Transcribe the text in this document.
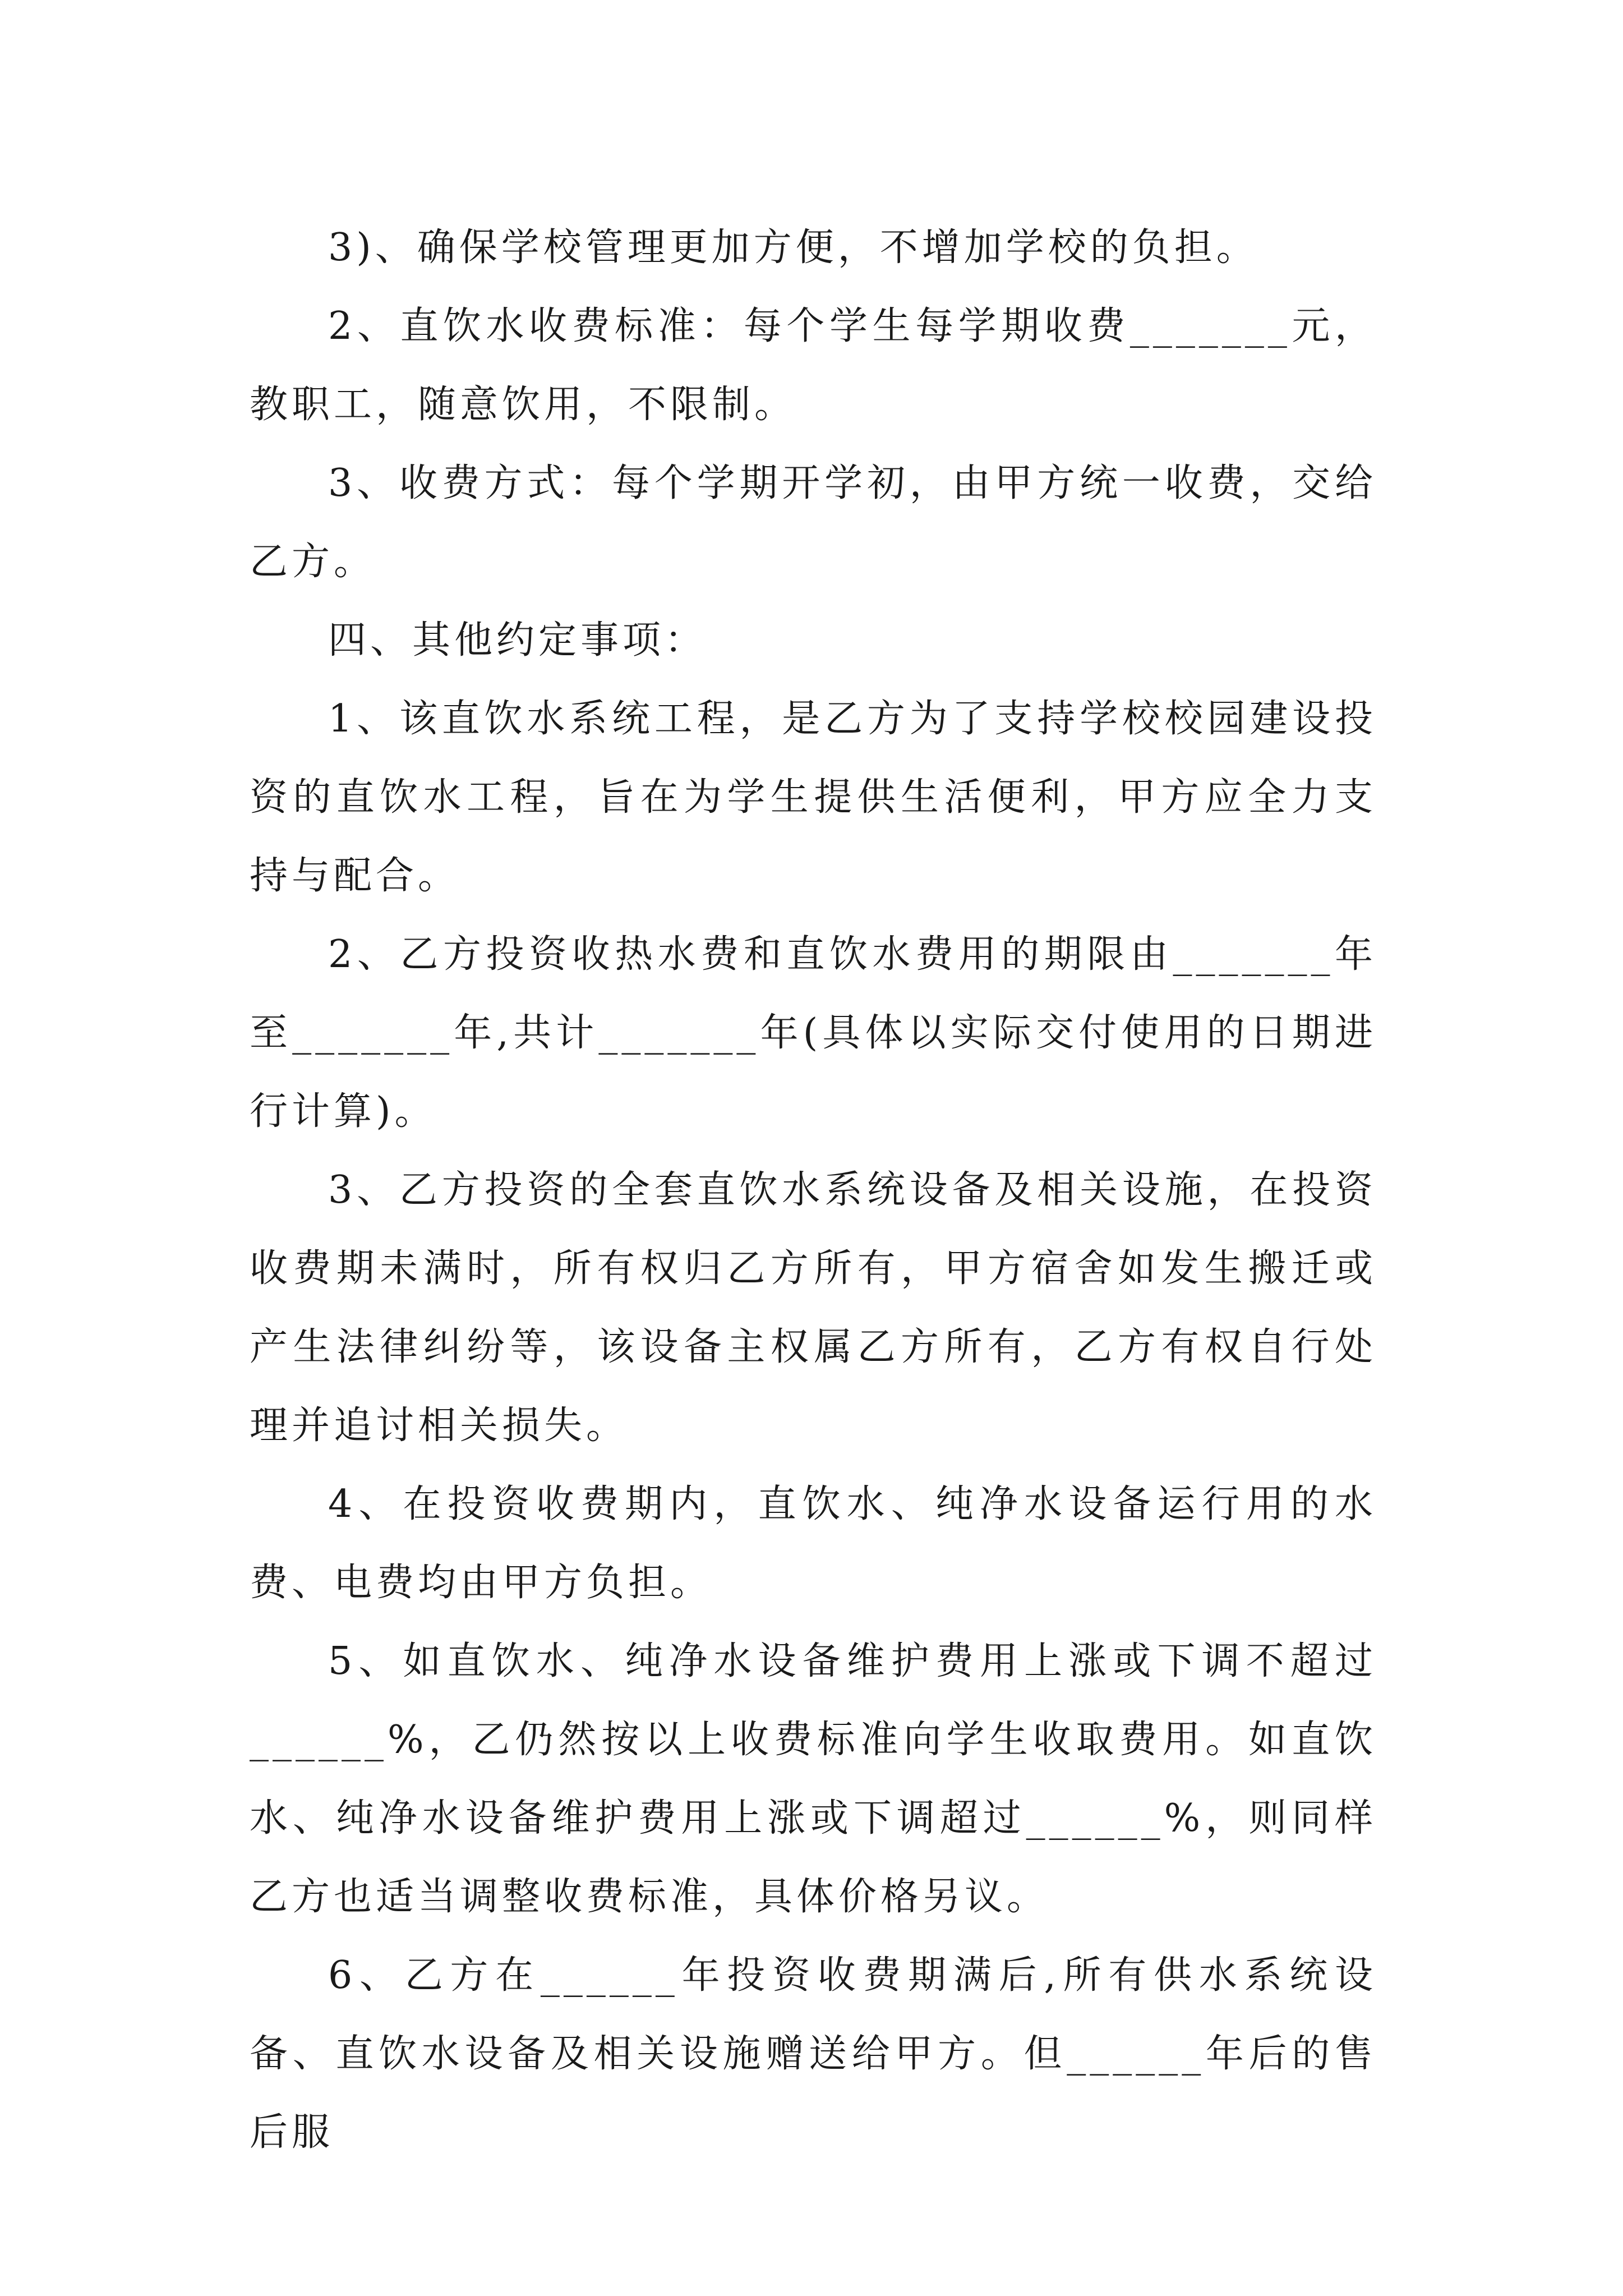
3)、确保学校管理更加方便，不增加学校的负担。

2、直饮水收费标准：每个学生每学期收费_______元，教职工，随意饮用，不限制。

3、收费方式：每个学期开学初，由甲方统一收费，交给乙方。

四、其他约定事项：

1、该直饮水系统工程，是乙方为了支持学校校园建设投资的直饮水工程，旨在为学生提供生活便利，甲方应全力支持与配合。

2、乙方投资收热水费和直饮水费用的期限由_______年至_______年,共计_______年(具体以实际交付使用的日期进行计算)。

3、乙方投资的全套直饮水系统设备及相关设施，在投资收费期未满时，所有权归乙方所有，甲方宿舍如发生搬迁或产生法律纠纷等，该设备主权属乙方所有，乙方有权自行处理并追讨相关损失。

4、在投资收费期内，直饮水、纯净水设备运行用的水费、电费均由甲方负担。

5、如直饮水、纯净水设备维护费用上涨或下调不超过______%，乙仍然按以上收费标准向学生收取费用。如直饮水、纯净水设备维护费用上涨或下调超过______%，则同样乙方也适当调整收费标准，具体价格另议。

6、乙方在______年投资收费期满后,所有供水系统设备、直饮水设备及相关设施赠送给甲方。但______年后的售后服
